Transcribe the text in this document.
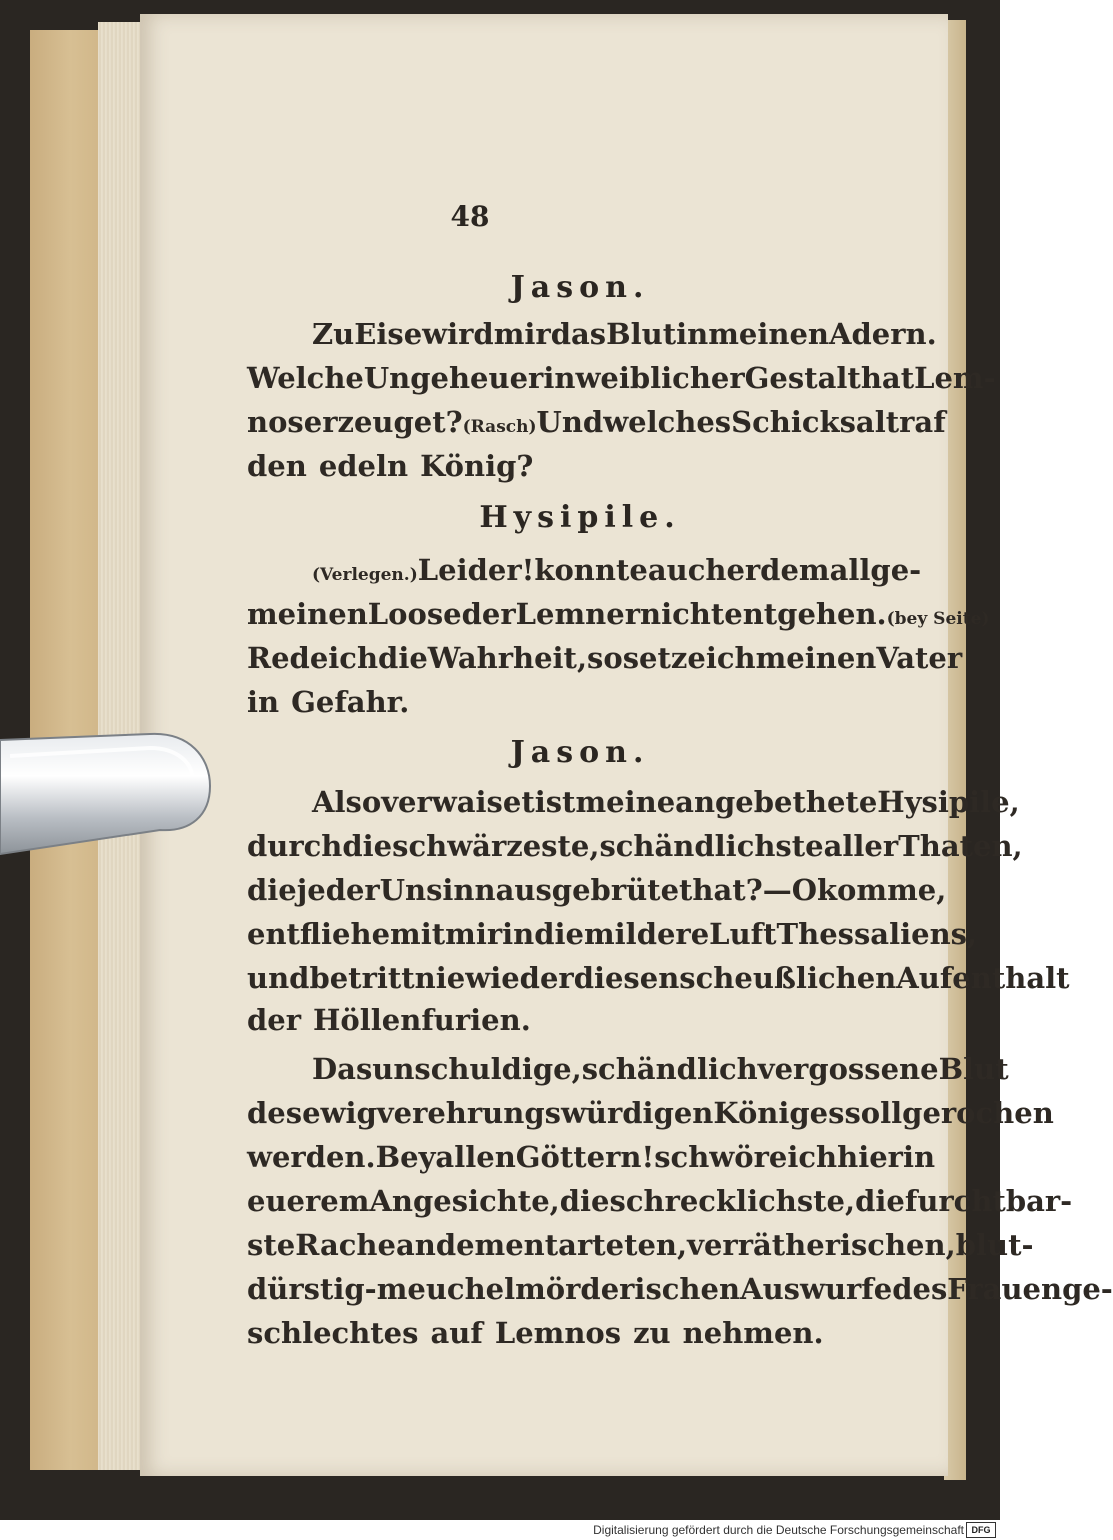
48
Jason.
Zu Eise wird mir das Blut in meinen Adern.
Welche Ungeheuer in weiblicher Gestalt hat Lem-
nos erzeuget? (Rasch) Und welches Schicksal traf
den edeln König?
Hysipile.
(Verlegen.) Leider! konnte auch er dem allge-
meinen Loose der Lemner nicht entgehen. (bey Seite)
Rede ich die Wahrheit, so setze ich meinen Vater
in Gefahr.
Jason.
Also verwaiset ist meine angebethete Hysipile,
durch die schwärzeste, schändlichste aller Thaten,
die je der Unsinn ausgebrütet hat? — O komme,
entfliehe mit mir in die mildere Luft Thessaliens,
und betritt nie wieder diesen scheußlichen Aufenthalt
der Höllenfurien.
Das unschuldige, schändlich vergossene Blut
des ewig verehrungswürdigen Königes soll gerochen
werden. Bey allen Göttern! schwöre ich hier in
euerem Angesichte, die schrecklichste, die furchtbar-
ste Rache an dem entarteten, verrätherischen, blut-
dürstig-meuchelmörderischen Auswurfe des Frauenge-
schlechtes auf Lemnos zu nehmen.
Digitalisierung gefördert durch die Deutsche Forschungsgemeinschaft DFG
